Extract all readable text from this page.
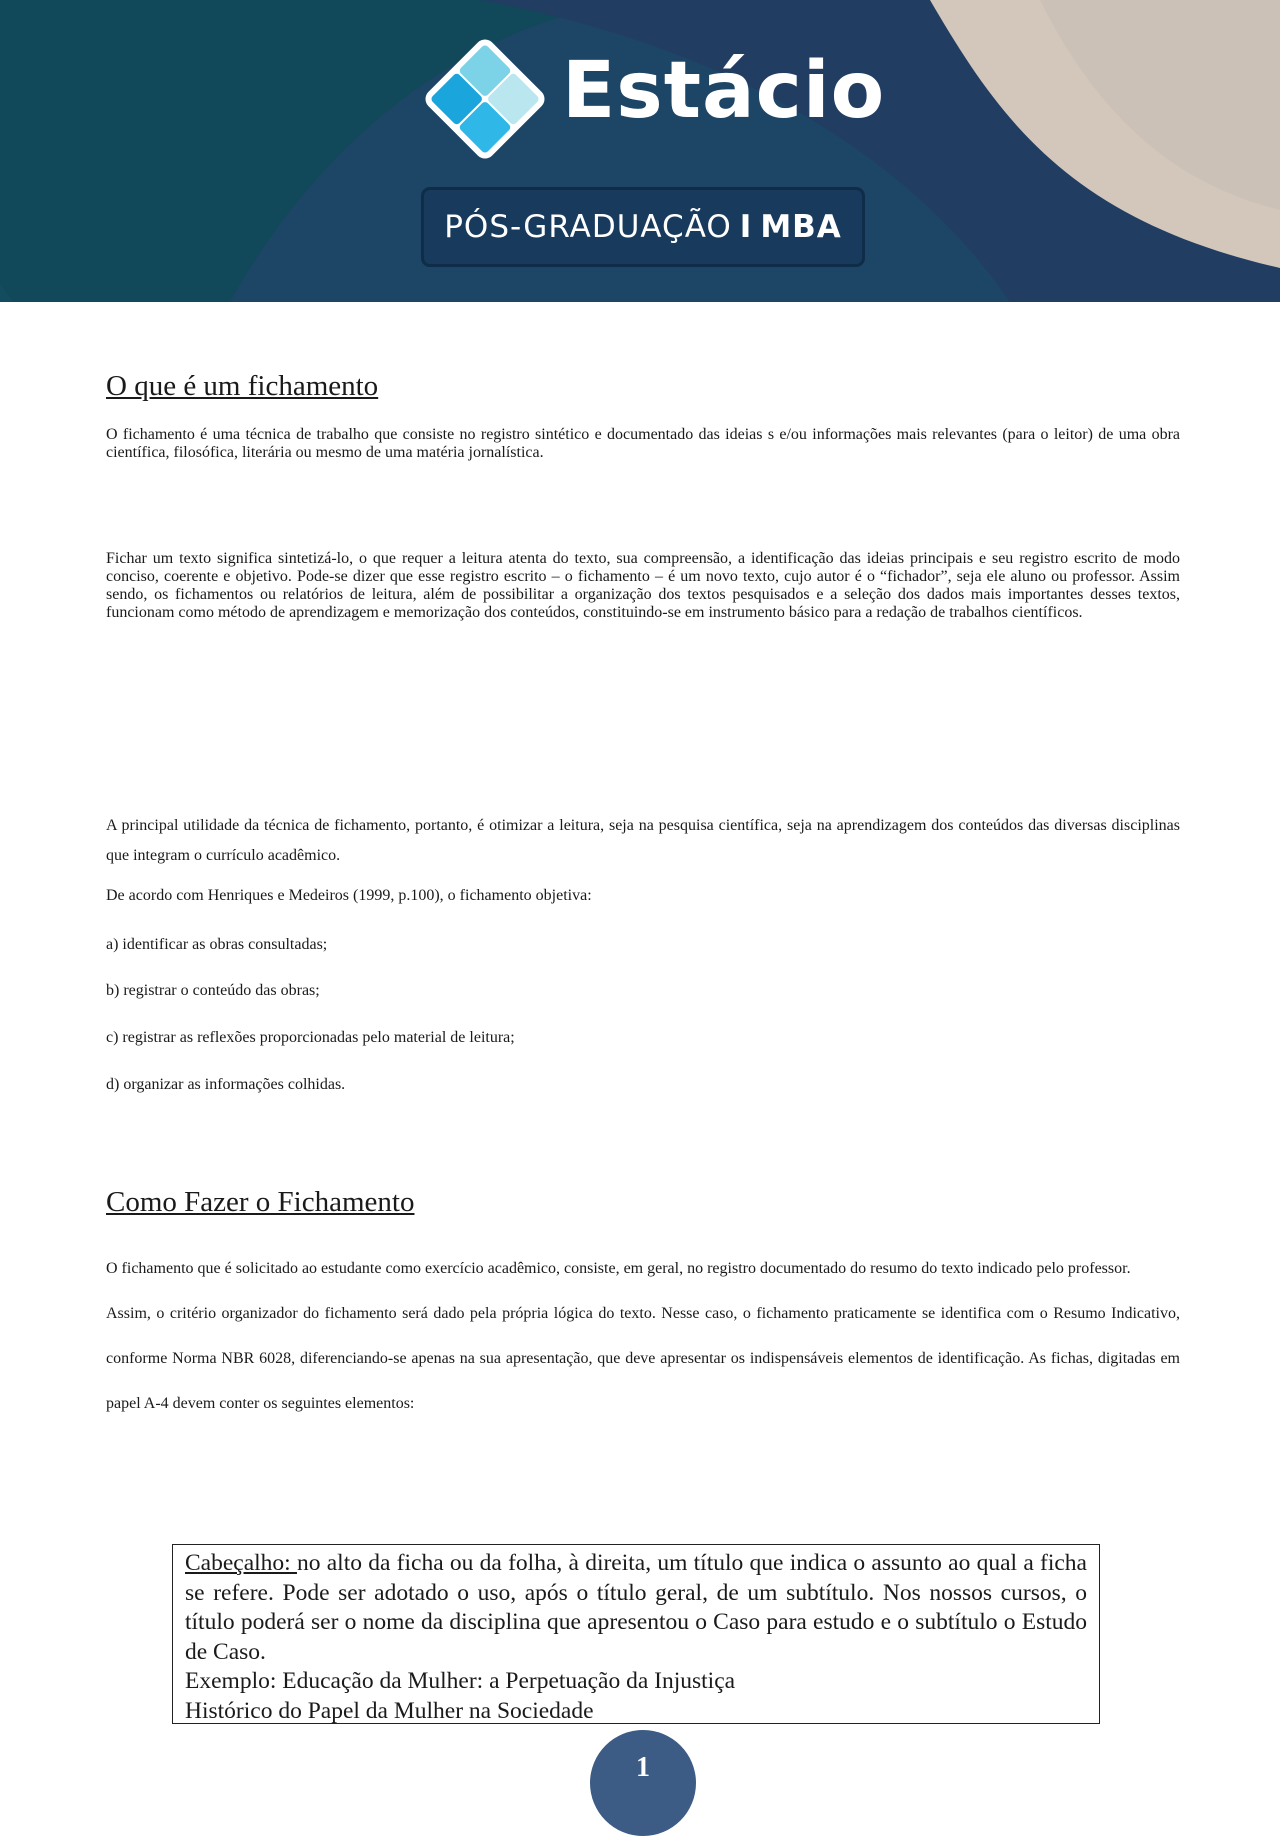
Estácio
PÓS-GRADUAÇÃO I MBA
O que é um fichamento

O fichamento é uma técnica de trabalho que consiste no registro sintético e documentado das ideias s e/ou informações mais relevantes (para o leitor) de uma obra científica, filosófica, literária ou mesmo de uma matéria jornalística.

Fichar um texto significa sintetizá-lo, o que requer a leitura atenta do texto, sua compreensão, a identificação das ideias principais e seu registro escrito de modo conciso, coerente e objetivo. Pode-se dizer que esse registro escrito – o fichamento – é um novo texto, cujo autor é o “fichador”, seja ele aluno ou professor. Assim sendo, os fichamentos ou relatórios de leitura, além de possibilitar a organização dos textos pesquisados e a seleção dos dados mais importantes desses textos, funcionam como método de aprendizagem e memorização dos conteúdos, constituindo-se em instrumento básico para a redação de trabalhos científicos.

A principal utilidade da técnica de fichamento, portanto, é otimizar a leitura, seja na pesquisa científica, seja na aprendizagem dos conteúdos das diversas disciplinas que integram o currículo acadêmico.

De acordo com Henriques e Medeiros (1999, p.100), o fichamento objetiva:

a) identificar as obras consultadas;

b) registrar o conteúdo das obras;

c) registrar as reflexões proporcionadas pelo material de leitura;

d) organizar as informações colhidas.

Como Fazer o Fichamento

O fichamento que é solicitado ao estudante como exercício acadêmico, consiste, em geral, no registro documentado do resumo do texto indicado pelo professor.

Assim, o critério organizador do fichamento será dado pela própria lógica do texto. Nesse caso, o fichamento praticamente se identifica com o Resumo Indicativo, conforme Norma NBR 6028, diferenciando-se apenas na sua apresentação, que deve apresentar os indispensáveis elementos de identificação. As fichas, digitadas em papel A-4 devem conter os seguintes elementos:

Cabeçalho: no alto da ficha ou da folha, à direita, um título que indica o assunto ao qual a ficha se refere. Pode ser adotado o uso, após o título geral, de um subtítulo. Nos nossos cursos, o título poderá ser o nome da disciplina que apresentou o Caso para estudo e o subtítulo o Estudo de Caso.

Exemplo: Educação da Mulher: a Perpetuação da Injustiça

Histórico do Papel da Mulher na Sociedade

1
